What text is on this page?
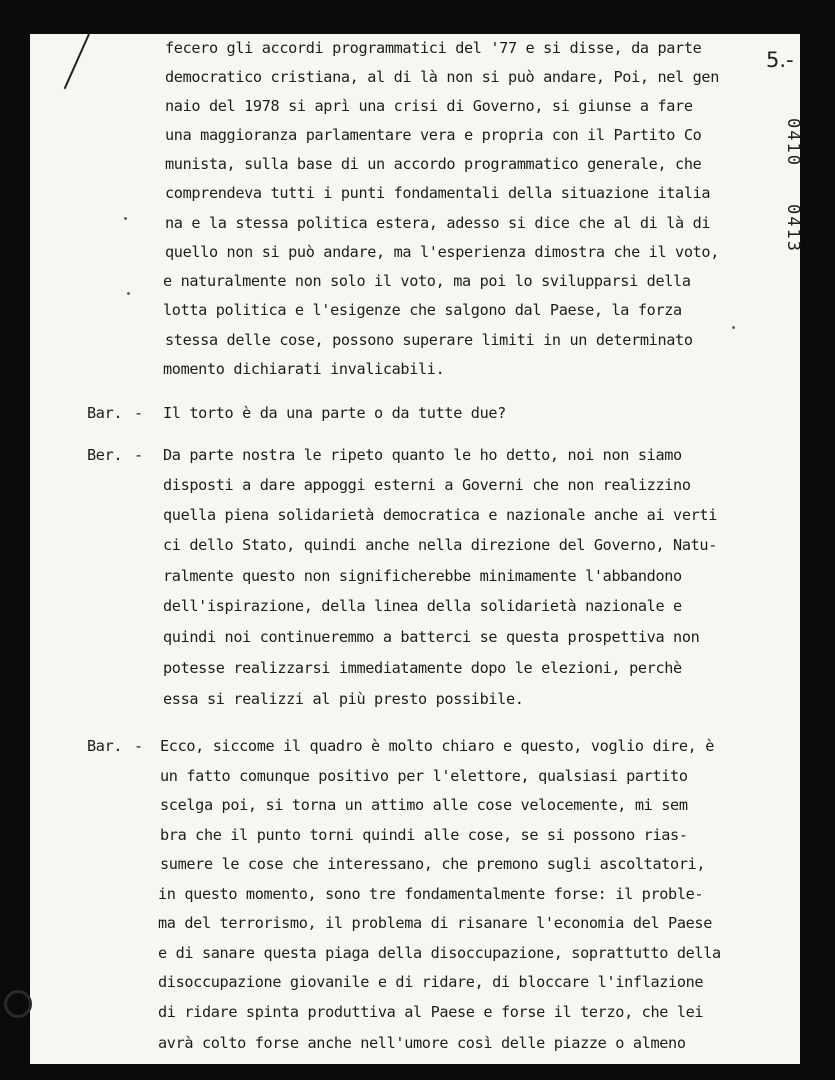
5.-
0410
0413
fecero gli accordi programmatici del '77 e si disse, da parte
democratico cristiana, al di là non si può andare, Poi, nel gen
naio del 1978 si aprì una crisi di Governo, si giunse a fare
una maggioranza parlamentare vera e propria con il Partito Co
munista, sulla base di un accordo programmatico generale, che
comprendeva tutti i punti fondamentali della situazione italia
na e la stessa politica estera, adesso si dice che al di là di
quello non si può andare, ma l'esperienza dimostra che il voto,
e naturalmente non solo il voto, ma poi lo svilupparsi della
lotta politica e l'esigenze che salgono dal Paese, la forza
stessa delle cose, possono superare limiti in un determinato
momento dichiarati invalicabili.
Bar. - Il torto è da una parte o da tutte due?
Ber. - Da parte nostra le ripeto quanto le ho detto, noi non siamo
disposti a dare appoggi esterni a Governi che non realizzino
quella piena solidarietà democratica e nazionale anche ai verti
ci dello Stato, quindi anche nella direzione del Governo, Natu-
ralmente questo non significherebbe minimamente l'abbandono
dell'ispirazione, della linea della solidarietà nazionale e
quindi noi continueremmo a batterci se questa prospettiva non
potesse realizzarsi immediatamente dopo le elezioni, perchè
essa si realizzi al più presto possibile.
Bar. - Ecco, siccome il quadro è molto chiaro e questo, voglio dire, è
un fatto comunque positivo per l'elettore, qualsiasi partito
scelga poi, si torna un attimo alle cose velocemente, mi sem
bra che il punto torni quindi alle cose, se si possono rias-
sumere le cose che interessano, che premono sugli ascoltatori,
in questo momento, sono tre fondamentalmente forse: il proble-
ma del terrorismo, il problema di risanare l'economia del Paese
e di sanare questa piaga della disoccupazione, soprattutto della
disoccupazione giovanile e di ridare, di bloccare l'inflazione
di ridare spinta produttiva al Paese e forse il terzo, che lei
avrà colto forse anche nell'umore così delle piazze o almeno
